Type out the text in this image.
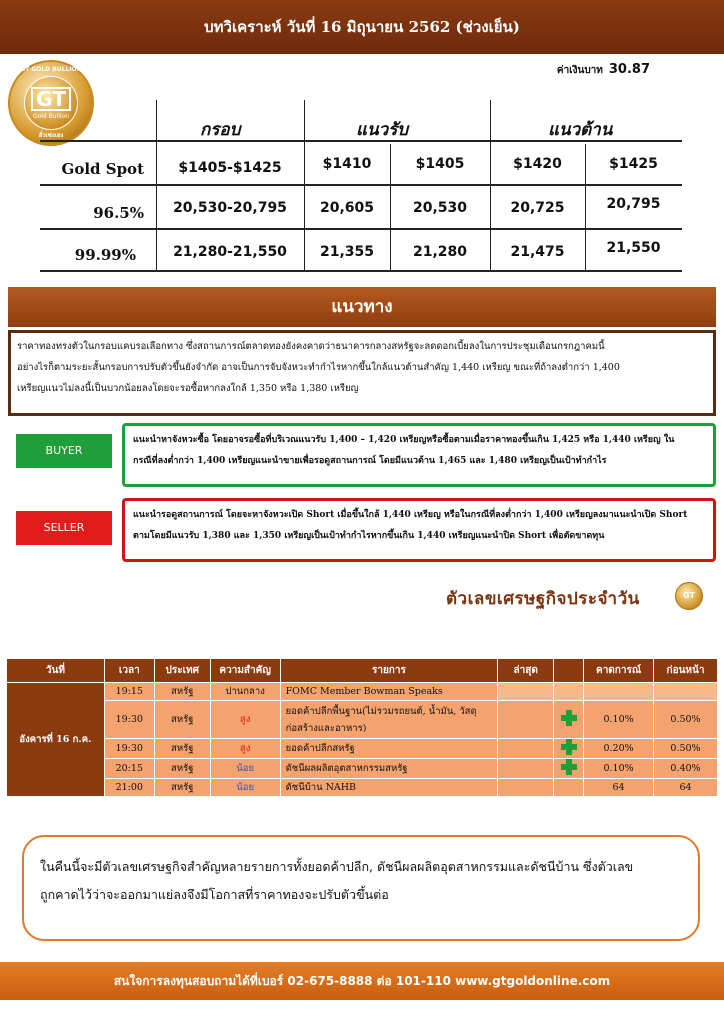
บทวิเคราะห์ วันที่ 16 มิถุนายน 2562 (ช่วงเย็น)
GT GOLD BULLION
GT
Gold Bullion
ฮั่วเซ่งเฮง
ค่าเงินบาท 30.87
กรอบ	แนวรับ	แนวต้าน
Gold Spot	$1405-$1425	$1410	$1405	$1420	$1425
96.5%	20,530-20,795	20,605	20,530	20,725	20,795
99.99%	21,280-21,550	21,355	21,280	21,475	21,550
แนวทาง
ราคาทองทรงตัวในกรอบแคบรอเลือกทาง ซึ่งสถานการณ์ตลาดทองยังคงคาดว่าธนาคารกลางสหรัฐจะลดดอกเบี้ยลงในการประชุมเดือนกรกฎาคมนี้
อย่างไรก็ตามระยะสั้นกรอบการปรับตัวขึ้นยังจำกัด อาจเป็นการจับจังหวะทำกำไรหากขึ้นใกล้แนวต้านสำคัญ 1,440 เหรียญ ขณะที่ถ้าลงต่ำกว่า 1,400
เหรียญแนวไม่ลงนี้เป็นบวกน้อยลงโดยจะรอซื้อหากลงใกล้ 1,350 หรือ 1,380 เหรียญ
BUYER
แนะนำหาจังหวะซื้อ โดยอาจรอซื้อที่บริเวณแนวรับ 1,400 – 1,420 เหรียญหรือซื้อตามเมื่อราคาทองขึ้นเกิน 1,425 หรือ 1,440 เหรียญ ใน
กรณีที่ลงต่ำกว่า 1,400 เหรียญแนะนำขายเพื่อรอดูสถานการณ์ โดยมีแนวต้าน 1,465 และ 1,480 เหรียญเป็นเป้าทำกำไร
SELLER
แนะนำรอดูสถานการณ์ โดยจะหาจังหวะเปิด Short เมื่อขึ้นใกล้ 1,440 เหรียญ หรือในกรณีที่ลงต่ำกว่า 1,400 เหรียญลงมาแนะนำเปิด Short
ตามโดยมีแนวรับ 1,380 และ 1,350 เหรียญเป็นเป้าทำกำไรหากขึ้นเกิน 1,440 เหรียญแนะนำปิด Short เพื่อตัดขาดทุน
ตัวเลขเศรษฐกิจประจำวัน	GT
วันที่	เวลา	ประเทศ	ความสำคัญ	รายการ	ล่าสุด		คาดการณ์	ก่อนหน้า
อังคารที่ 16 ก.ค.	19:15	สหรัฐ	ปานกลาง	FOMC Member Bowman Speaks				
	19:30	สหรัฐ	สูง	ยอดค้าปลีกพื้นฐาน(ไม่รวมรถยนต์, น้ำมัน, วัสดุก่อสร้างและอาหาร)			0.10%	0.50%
	19:30	สหรัฐ	สูง	ยอดค้าปลีกสหรัฐ			0.20%	0.50%
	20:15	สหรัฐ	น้อย	ดัชนีผลผลิตอุตสาหกรรมสหรัฐ			0.10%	0.40%
	21:00	สหรัฐ	น้อย	ดัชนีบ้าน NAHB			64	64
ในคืนนี้จะมีตัวเลขเศรษฐกิจสำคัญหลายรายการทั้งยอดค้าปลีก, ดัชนีผลผลิตอุตสาหกรรมและดัชนีบ้าน ซึ่งตัวเลข
ถูกคาดไว้ว่าจะออกมาแย่ลงจึงมีโอกาสที่ราคาทองจะปรับตัวขึ้นต่อ
สนใจการลงทุนสอบถามได้ที่เบอร์ 02-675-8888 ต่อ 101-110 www.gtgoldonline.com
